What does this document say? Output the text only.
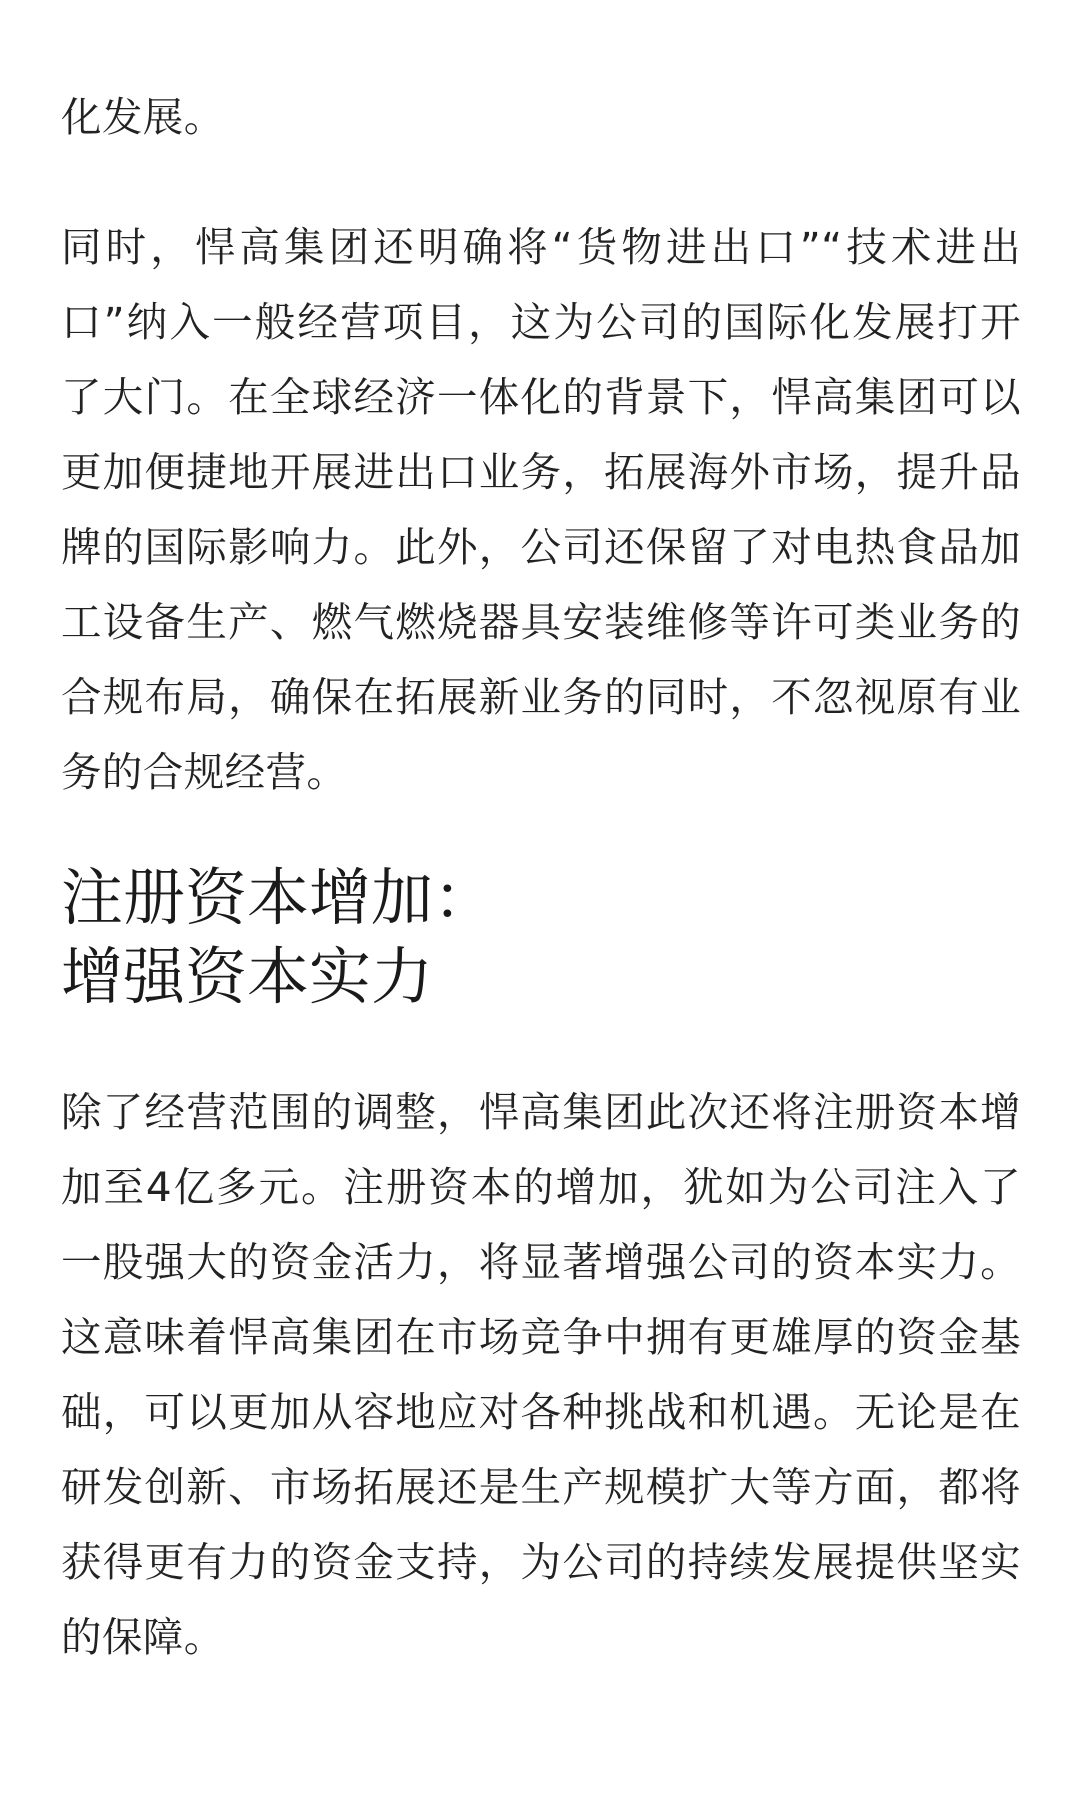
化发展。

同时，悍高集团还明确将“货物进出口”“技术进出口”纳入一般经营项目，这为公司的国际化发展打开了大门。在全球经济一体化的背景下，悍高集团可以更加便捷地开展进出口业务，拓展海外市场，提升品牌的国际影响力。此外，公司还保留了对电热食品加工设备生产、燃气燃烧器具安装维修等许可类业务的合规布局，确保在拓展新业务的同时，不忽视原有业务的合规经营。

注册资本增加：
增强资本实力

除了经营范围的调整，悍高集团此次还将注册资本增加至4亿多元。注册资本的增加，犹如为公司注入了一股强大的资金活力，将显著增强公司的资本实力。这意味着悍高集团在市场竞争中拥有更雄厚的资金基础，可以更加从容地应对各种挑战和机遇。无论是在研发创新、市场拓展还是生产规模扩大等方面，都将获得更有力的资金支持，为公司的持续发展提供坚实的保障。
